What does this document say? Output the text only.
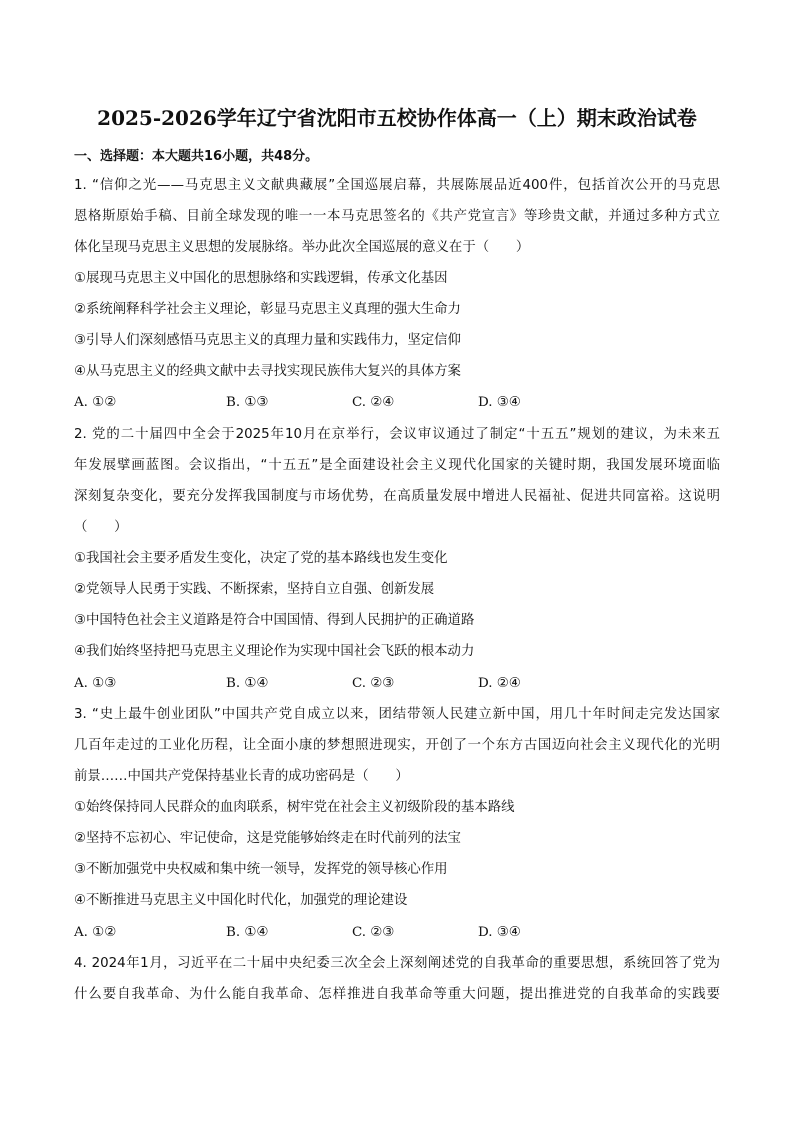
2025-2026学年辽宁省沈阳市五校协作体高一（上）期末政治试卷
一、选择题：本大题共16小题，共48分。
1. “信仰之光——马克思主义文献典藏展”全国巡展启幕，共展陈展品近400件，包括首次公开的马克思
恩格斯原始手稿、目前全球发现的唯一一本马克思签名的《共产党宣言》等珍贵文献，并通过多种方式立
体化呈现马克思主义思想的发展脉络。举办此次全国巡展的意义在于（　　）
①展现马克思主义中国化的思想脉络和实践逻辑，传承文化基因
②系统阐释科学社会主义理论，彰显马克思主义真理的强大生命力
③引导人们深刻感悟马克思主义的真理力量和实践伟力，坚定信仰
④从马克思主义的经典文献中去寻找实现民族伟大复兴的具体方案
A. ①②	B. ①③	C. ②④	D. ③④
2. 党的二十届四中全会于2025年10月在京举行，会议审议通过了制定“十五五”规划的建议，为未来五
年发展擘画蓝图。会议指出，“十五五”是全面建设社会主义现代化国家的关键时期，我国发展环境面临
深刻复杂变化，要充分发挥我国制度与市场优势，在高质量发展中增进人民福祉、促进共同富裕。这说明
（　　）
①我国社会主要矛盾发生变化，决定了党的基本路线也发生变化
②党领导人民勇于实践、不断探索，坚持自立自强、创新发展
③中国特色社会主义道路是符合中国国情、得到人民拥护的正确道路
④我们始终坚持把马克思主义理论作为实现中国社会飞跃的根本动力
A. ①③	B. ①④	C. ②③	D. ②④
3. “史上最牛创业团队”中国共产党自成立以来，团结带领人民建立新中国，用几十年时间走完发达国家
几百年走过的工业化历程，让全面小康的梦想照进现实，开创了一个东方古国迈向社会主义现代化的光明
前景……中国共产党保持基业长青的成功密码是（　　）
①始终保持同人民群众的血肉联系，树牢党在社会主义初级阶段的基本路线
②坚持不忘初心、牢记使命，这是党能够始终走在时代前列的法宝
③不断加强党中央权威和集中统一领导，发挥党的领导核心作用
④不断推进马克思主义中国化时代化，加强党的理论建设
A. ①②	B. ①④	C. ②③	D. ③④
4. 2024年1月，习近平在二十届中央纪委三次全会上深刻阐述党的自我革命的重要思想，系统回答了党为
什么要自我革命、为什么能自我革命、怎样推进自我革命等重大问题，提出推进党的自我革命的实践要
